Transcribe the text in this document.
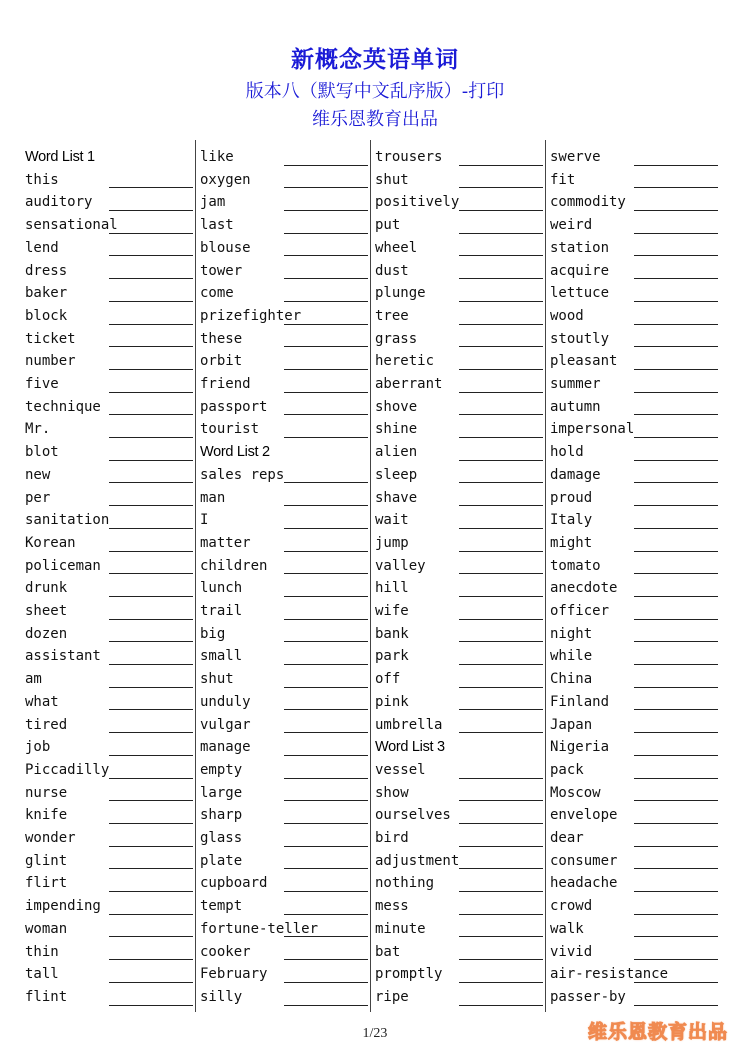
新概念英语单词
版本八（默写中文乱序版）-打印
维乐恩教育出品
Word List 1
this
auditory
sensational
lend
dress
baker
block
ticket
number
five
technique
Mr.
blot
new
per
sanitation
Korean
policeman
drunk
sheet
dozen
assistant
am
what
tired
job
Piccadilly
nurse
knife
wonder
glint
flirt
impending
woman
thin
tall
flint
like
oxygen
jam
last
blouse
tower
come
prizefighter
these
orbit
friend
passport
tourist
Word List 2
sales reps
man
I
matter
children
lunch
trail
big
small
shut
unduly
vulgar
manage
empty
large
sharp
glass
plate
cupboard
tempt
fortune-teller
cooker
February
silly
trousers
shut
positively
put
wheel
dust
plunge
tree
grass
heretic
aberrant
shove
shine
alien
sleep
shave
wait
jump
valley
hill
wife
bank
park
off
pink
umbrella
Word List 3
vessel
show
ourselves
bird
adjustment
nothing
mess
minute
bat
promptly
ripe
swerve
fit
commodity
weird
station
acquire
lettuce
wood
stoutly
pleasant
summer
autumn
impersonal
hold
damage
proud
Italy
might
tomato
anecdote
officer
night
while
China
Finland
Japan
Nigeria
pack
Moscow
envelope
dear
consumer
headache
crowd
walk
vivid
air-resistance
passer-by
1/23	维乐恩教育出品
